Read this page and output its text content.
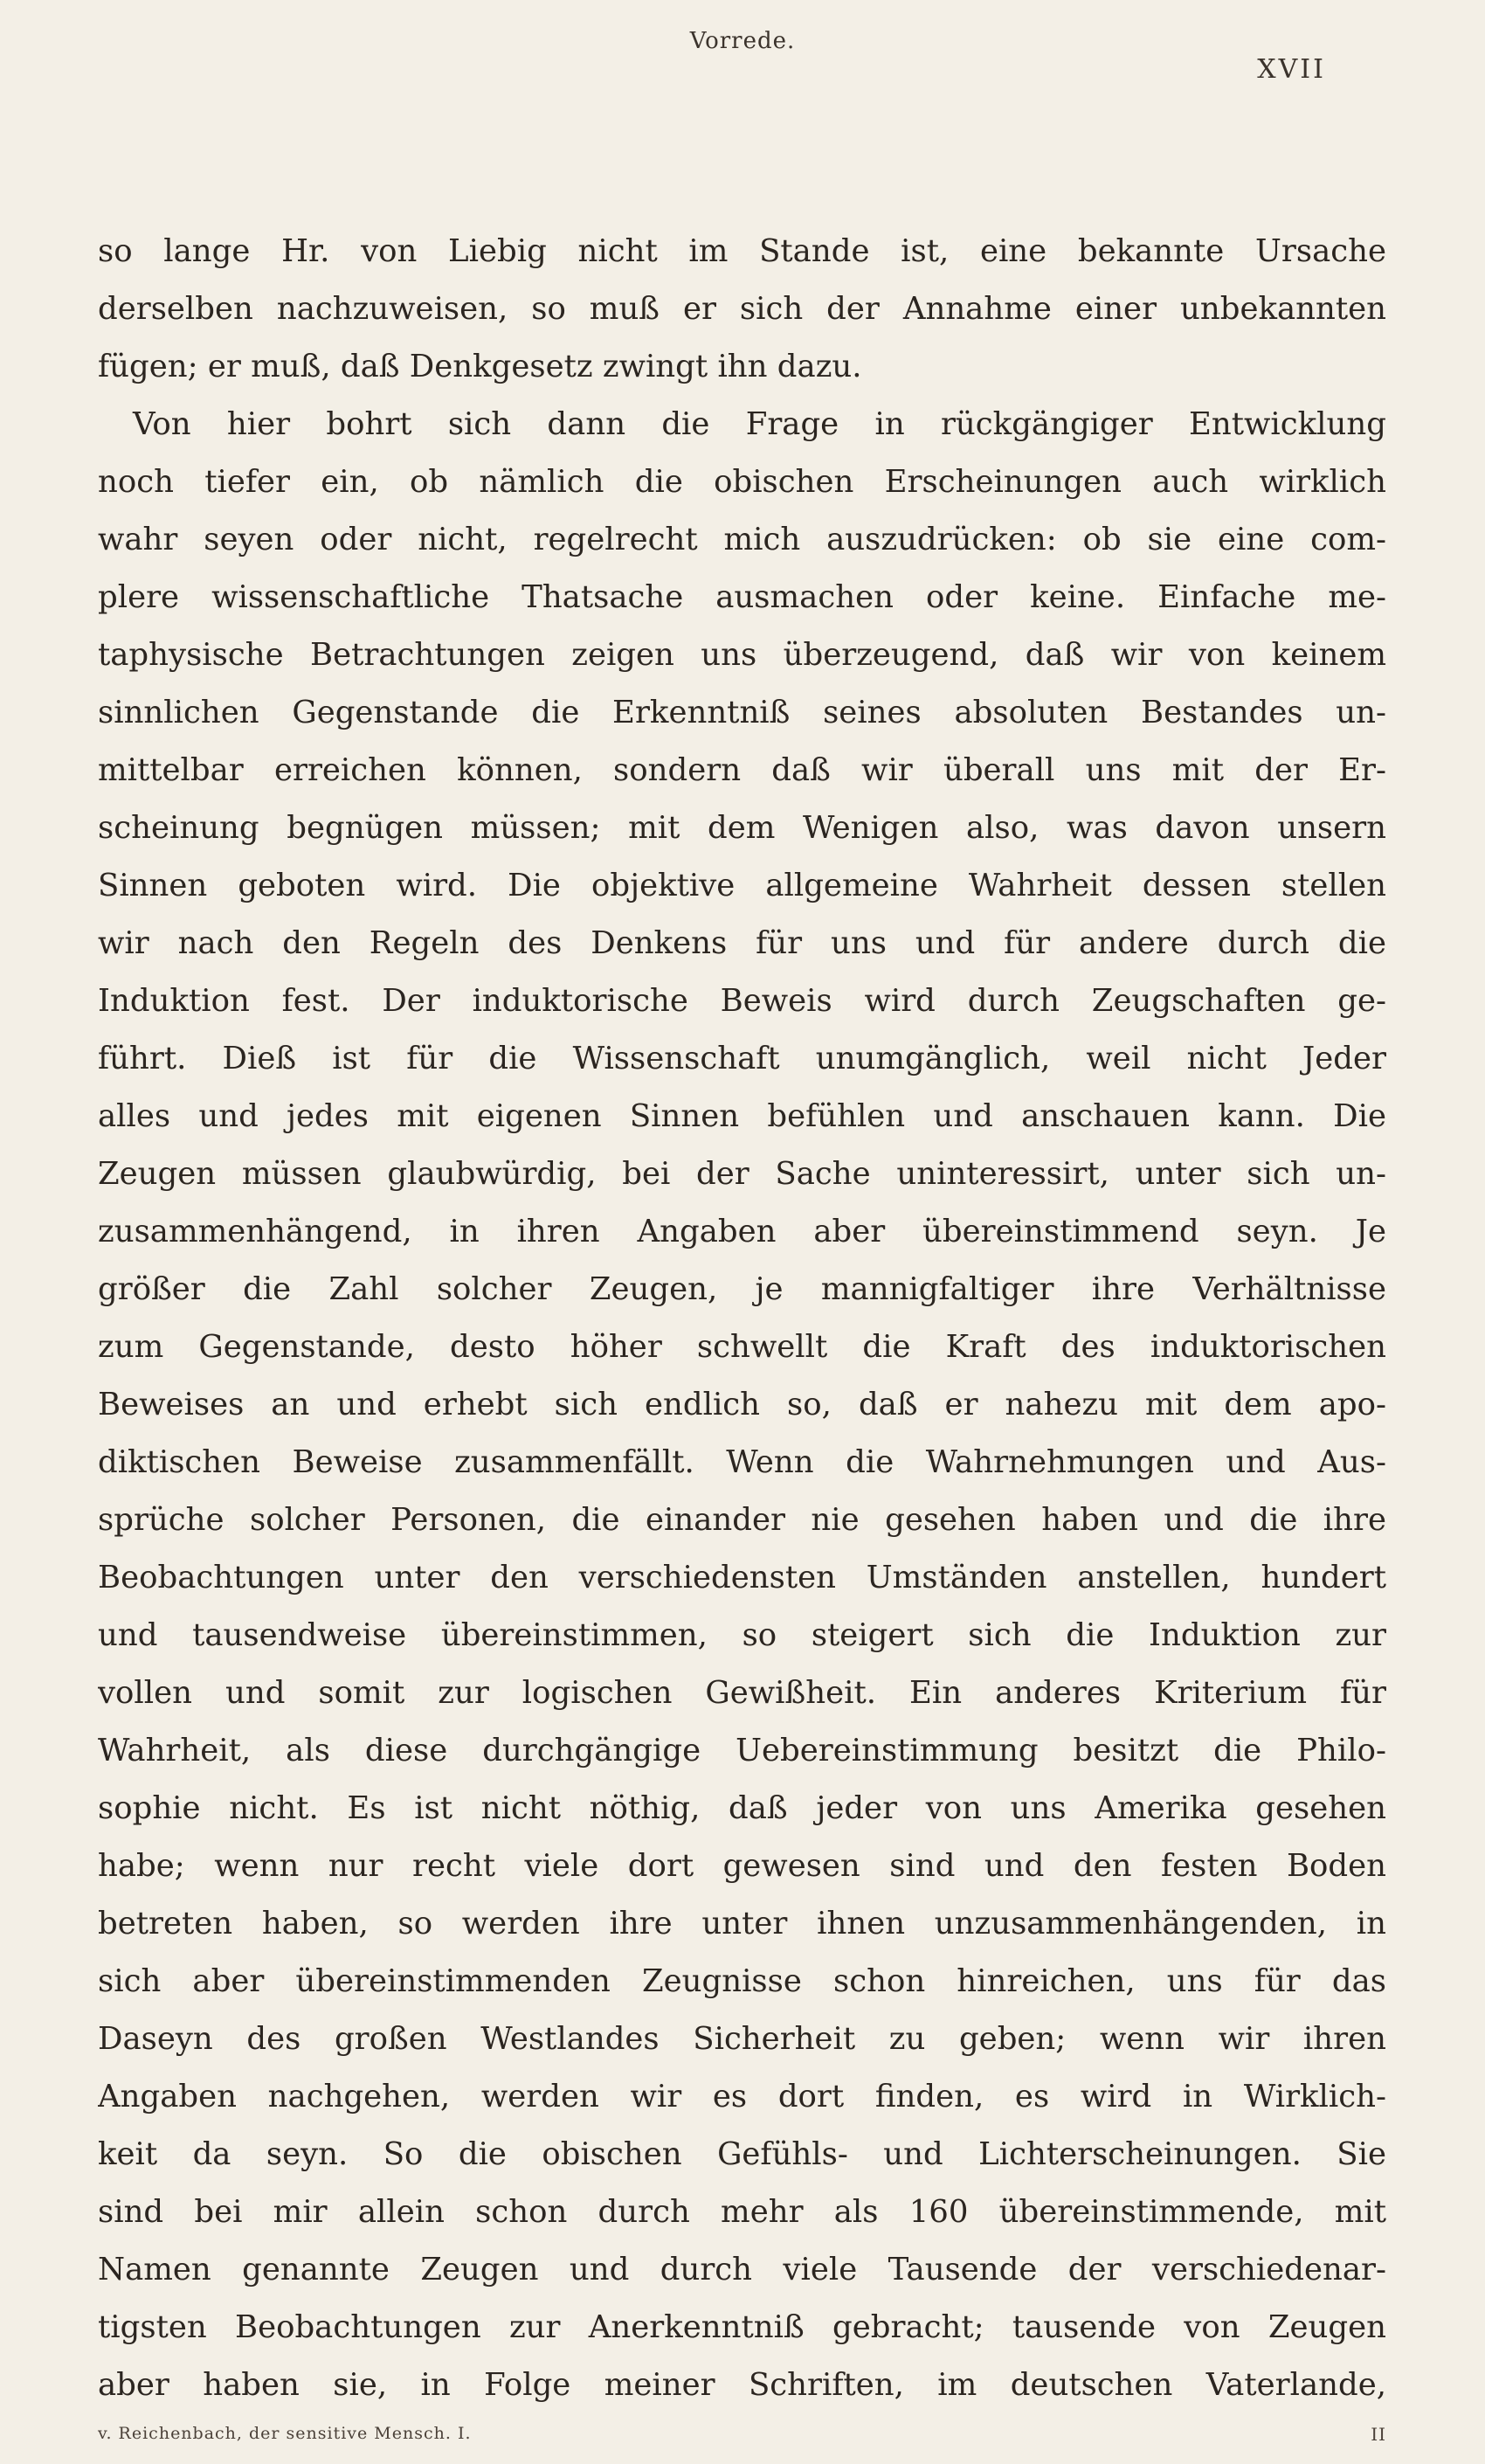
Vorrede.
XVII
so lange Hr. von Liebig nicht im Stande ist, eine bekannte Ursache
derselben nachzuweisen, so muß er sich der Annahme einer unbekannten
fügen; er muß, daß Denkgesetz zwingt ihn dazu.
Von hier bohrt sich dann die Frage in rückgängiger Entwicklung
noch tiefer ein, ob nämlich die obischen Erscheinungen auch wirklich
wahr seyen oder nicht, regelrecht mich auszudrücken: ob sie eine com-
plere wissenschaftliche Thatsache ausmachen oder keine. Einfache me-
taphysische Betrachtungen zeigen uns überzeugend, daß wir von keinem
sinnlichen Gegenstande die Erkenntniß seines absoluten Bestandes un-
mittelbar erreichen können, sondern daß wir überall uns mit der Er-
scheinung begnügen müssen; mit dem Wenigen also, was davon unsern
Sinnen geboten wird. Die objektive allgemeine Wahrheit dessen stellen
wir nach den Regeln des Denkens für uns und für andere durch die
Induktion fest. Der induktorische Beweis wird durch Zeugschaften ge-
führt. Dieß ist für die Wissenschaft unumgänglich, weil nicht Jeder
alles und jedes mit eigenen Sinnen befühlen und anschauen kann. Die
Zeugen müssen glaubwürdig, bei der Sache uninteressirt, unter sich un-
zusammenhängend, in ihren Angaben aber übereinstimmend seyn. Je
größer die Zahl solcher Zeugen, je mannigfaltiger ihre Verhältnisse
zum Gegenstande, desto höher schwellt die Kraft des induktorischen
Beweises an und erhebt sich endlich so, daß er nahezu mit dem apo-
diktischen Beweise zusammenfällt. Wenn die Wahrnehmungen und Aus-
sprüche solcher Personen, die einander nie gesehen haben und die ihre
Beobachtungen unter den verschiedensten Umständen anstellen, hundert
und tausendweise übereinstimmen, so steigert sich die Induktion zur
vollen und somit zur logischen Gewißheit. Ein anderes Kriterium für
Wahrheit, als diese durchgängige Uebereinstimmung besitzt die Philo-
sophie nicht. Es ist nicht nöthig, daß jeder von uns Amerika gesehen
habe; wenn nur recht viele dort gewesen sind und den festen Boden
betreten haben, so werden ihre unter ihnen unzusammenhängenden, in
sich aber übereinstimmenden Zeugnisse schon hinreichen, uns für das
Daseyn des großen Westlandes Sicherheit zu geben; wenn wir ihren
Angaben nachgehen, werden wir es dort finden, es wird in Wirklich-
keit da seyn. So die obischen Gefühls- und Lichterscheinungen. Sie
sind bei mir allein schon durch mehr als 160 übereinstimmende, mit
Namen genannte Zeugen und durch viele Tausende der verschiedenar-
tigsten Beobachtungen zur Anerkenntniß gebracht; tausende von Zeugen
aber haben sie, in Folge meiner Schriften, im deutschen Vaterlande,
v. Reichenbach, der sensitive Mensch. I.	II
